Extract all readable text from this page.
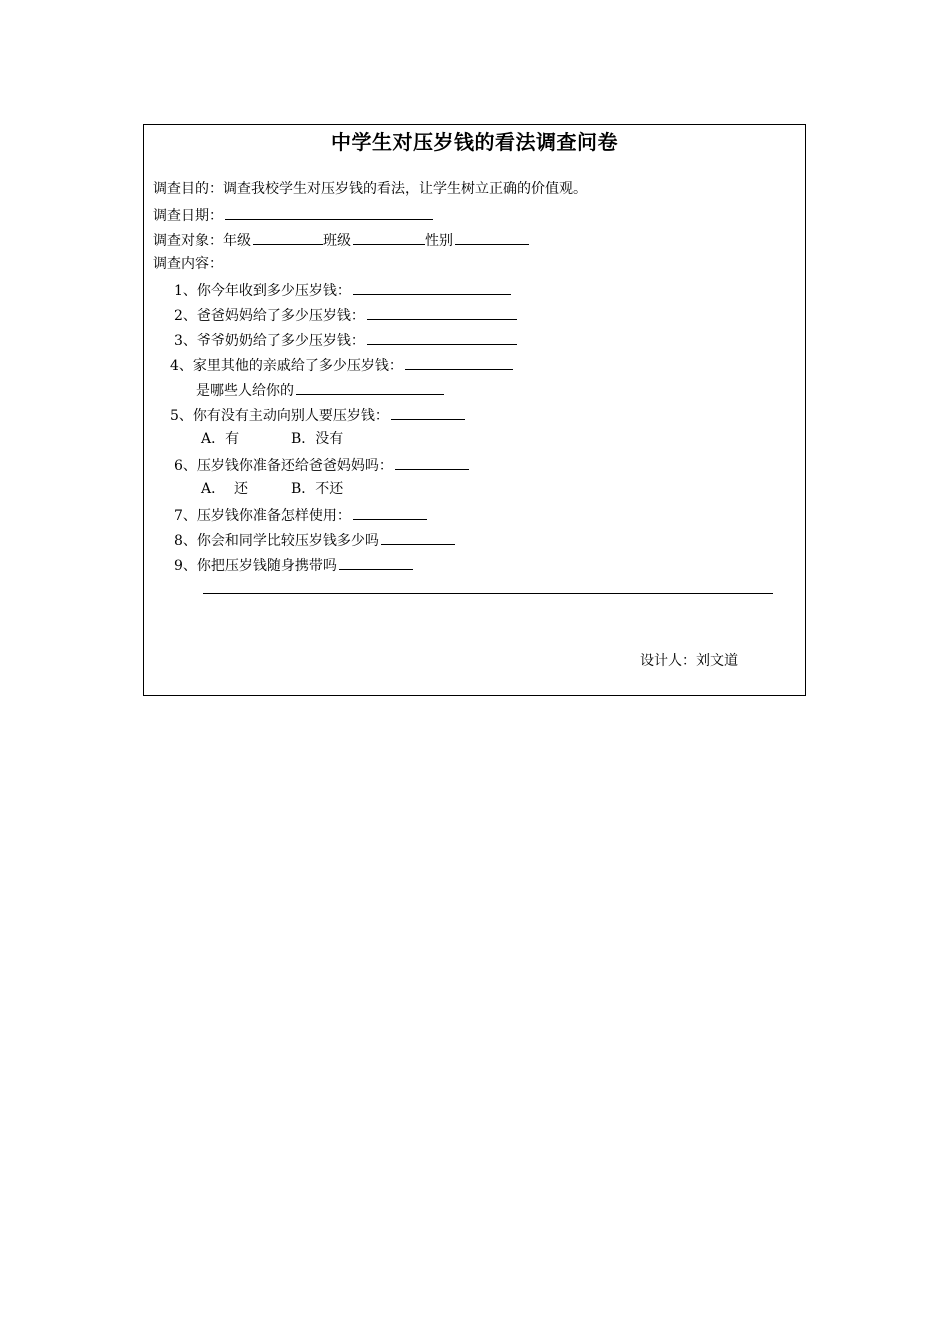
中学生对压岁钱的看法调查问卷
调查目的：调查我校学生对压岁钱的看法，让学生树立正确的价值观。
调查日期：
调查对象：年级	班级	性别
调查内容：
1、你今年收到多少压岁钱：
2、爸爸妈妈给了多少压岁钱：
3、爷爷奶奶给了多少压岁钱：
4、家里其他的亲戚给了多少压岁钱：
是哪些人给你的
5、你有没有主动向别人要压岁钱：
A．有	B．没有
6、压岁钱你准备还给爸爸妈妈吗：
A．  还	B．不还
7、压岁钱你准备怎样使用：
8、你会和同学比较压岁钱多少吗
9、你把压岁钱随身携带吗
设计人：刘文道
